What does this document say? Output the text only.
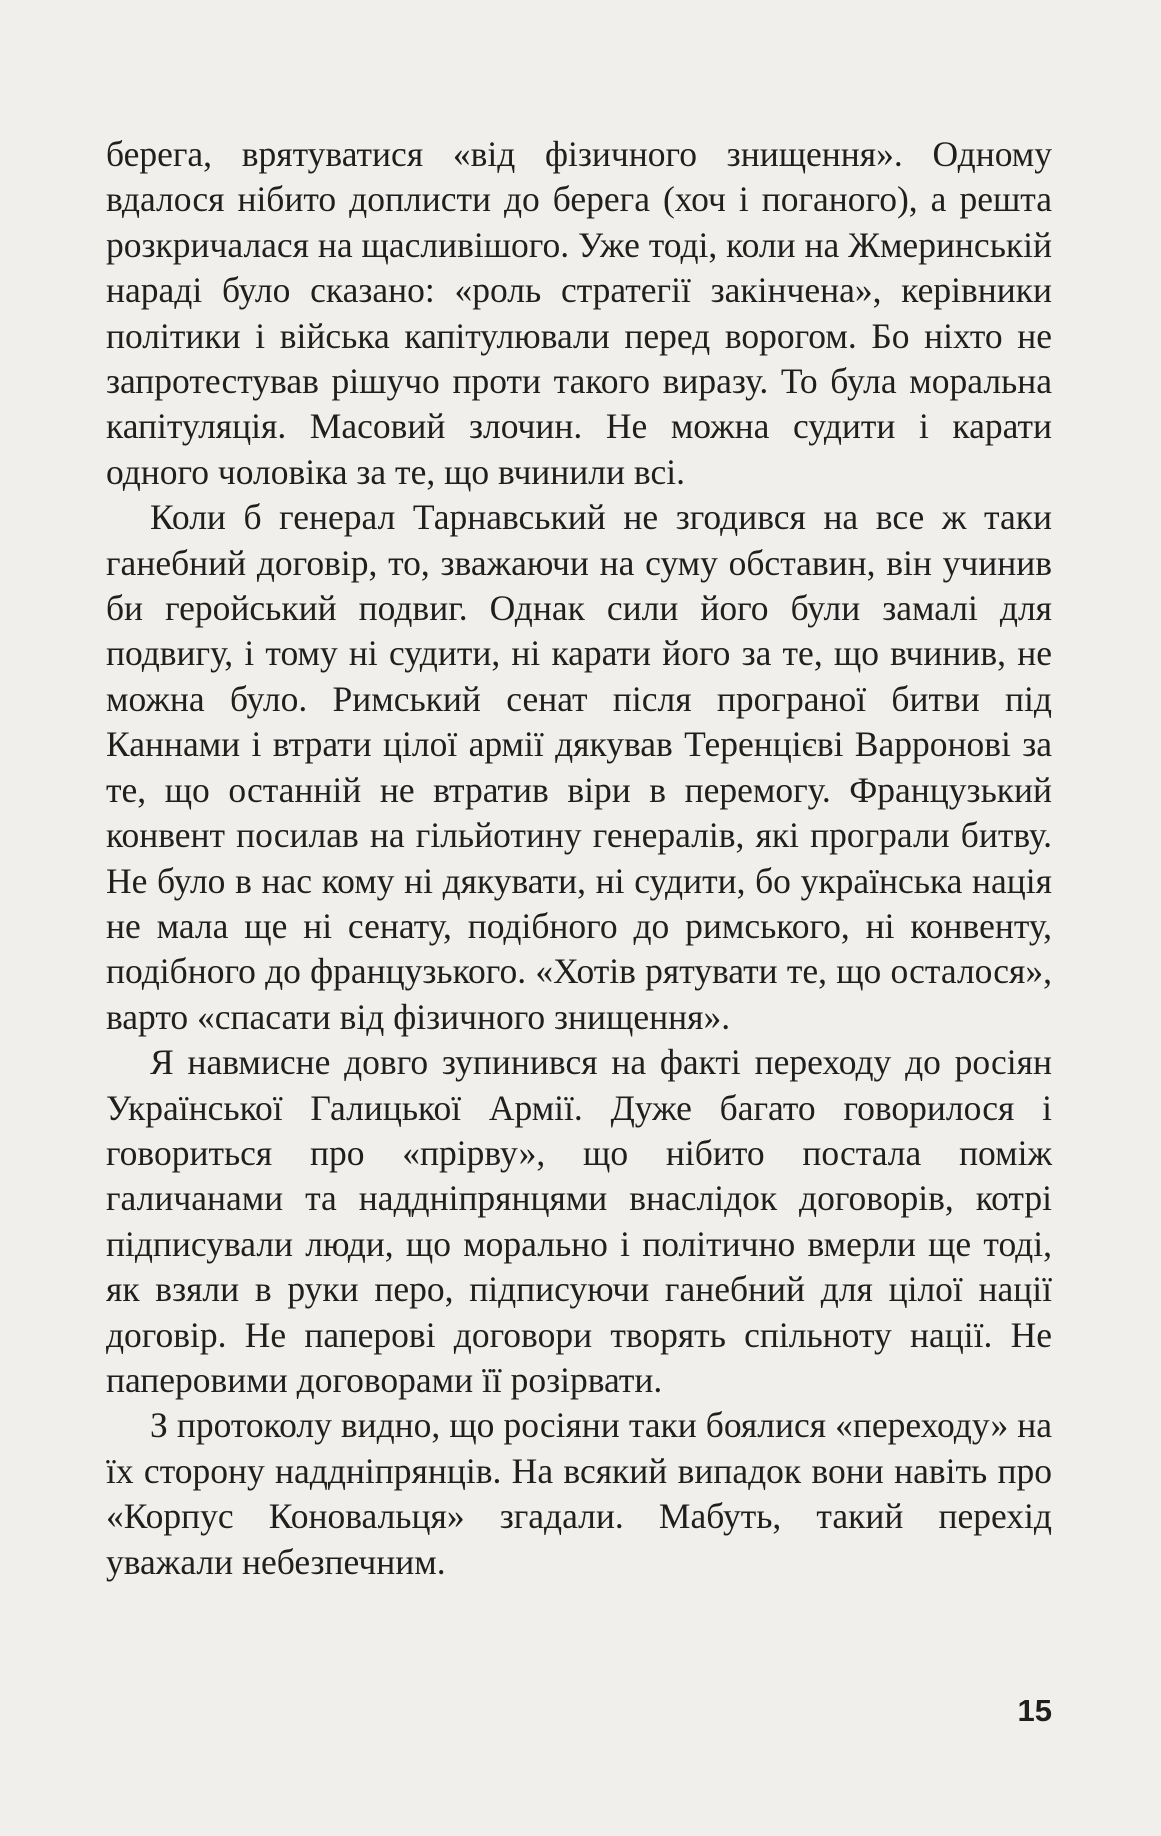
берега, врятуватися «від фізичного знищення». Одному вдалося нібито доплисти до берега (хоч і поганого), а решта розкричалася на щасливішого. Уже тоді, коли на Жмеринській нараді було сказано: «роль стратегії закінчена», керівники політики і війська капітулювали перед ворогом. Бо ніхто не запротестував рішучо проти такого виразу. То була моральна капітуляція. Масовий злочин. Не можна судити і карати одного чоловіка за те, що вчинили всі.

Коли б генерал Тарнавський не згодився на все ж таки ганебний договір, то, зважаючи на суму обставин, він учинив би геройський подвиг. Однак сили його були замалі для подвигу, і тому ні судити, ні карати його за те, що вчинив, не можна було. Римський сенат після програної битви під Каннами і втрати цілої армії дякував Теренцієві Варронові за те, що останній не втратив віри в перемогу. Французький конвент посилав на гільйотину генералів, які програли битву. Не було в нас кому ні дякувати, ні судити, бо українська нація не мала ще ні сенату, подібного до римського, ні конвенту, подібного до французького. «Хотів рятувати те, що осталося», варто «спасати від фізичного знищення».

Я навмисне довго зупинився на факті переходу до росіян Української Галицької Армії. Дуже багато говорилося і говориться про «прірву», що нібито постала поміж галичанами та наддніпрянцями внаслідок договорів, котрі підписували люди, що морально і політично вмерли ще тоді, як взяли в руки перо, підписуючи ганебний для цілої нації договір. Не паперові договори творять спільноту нації. Не паперовими договорами її розірвати.

З протоколу видно, що росіяни таки боялися «переходу» на їх сторону наддніпрянців. На всякий випадок вони навіть про «Корпус Коновальця» згадали. Мабуть, такий перехід уважали небезпечним.

15
